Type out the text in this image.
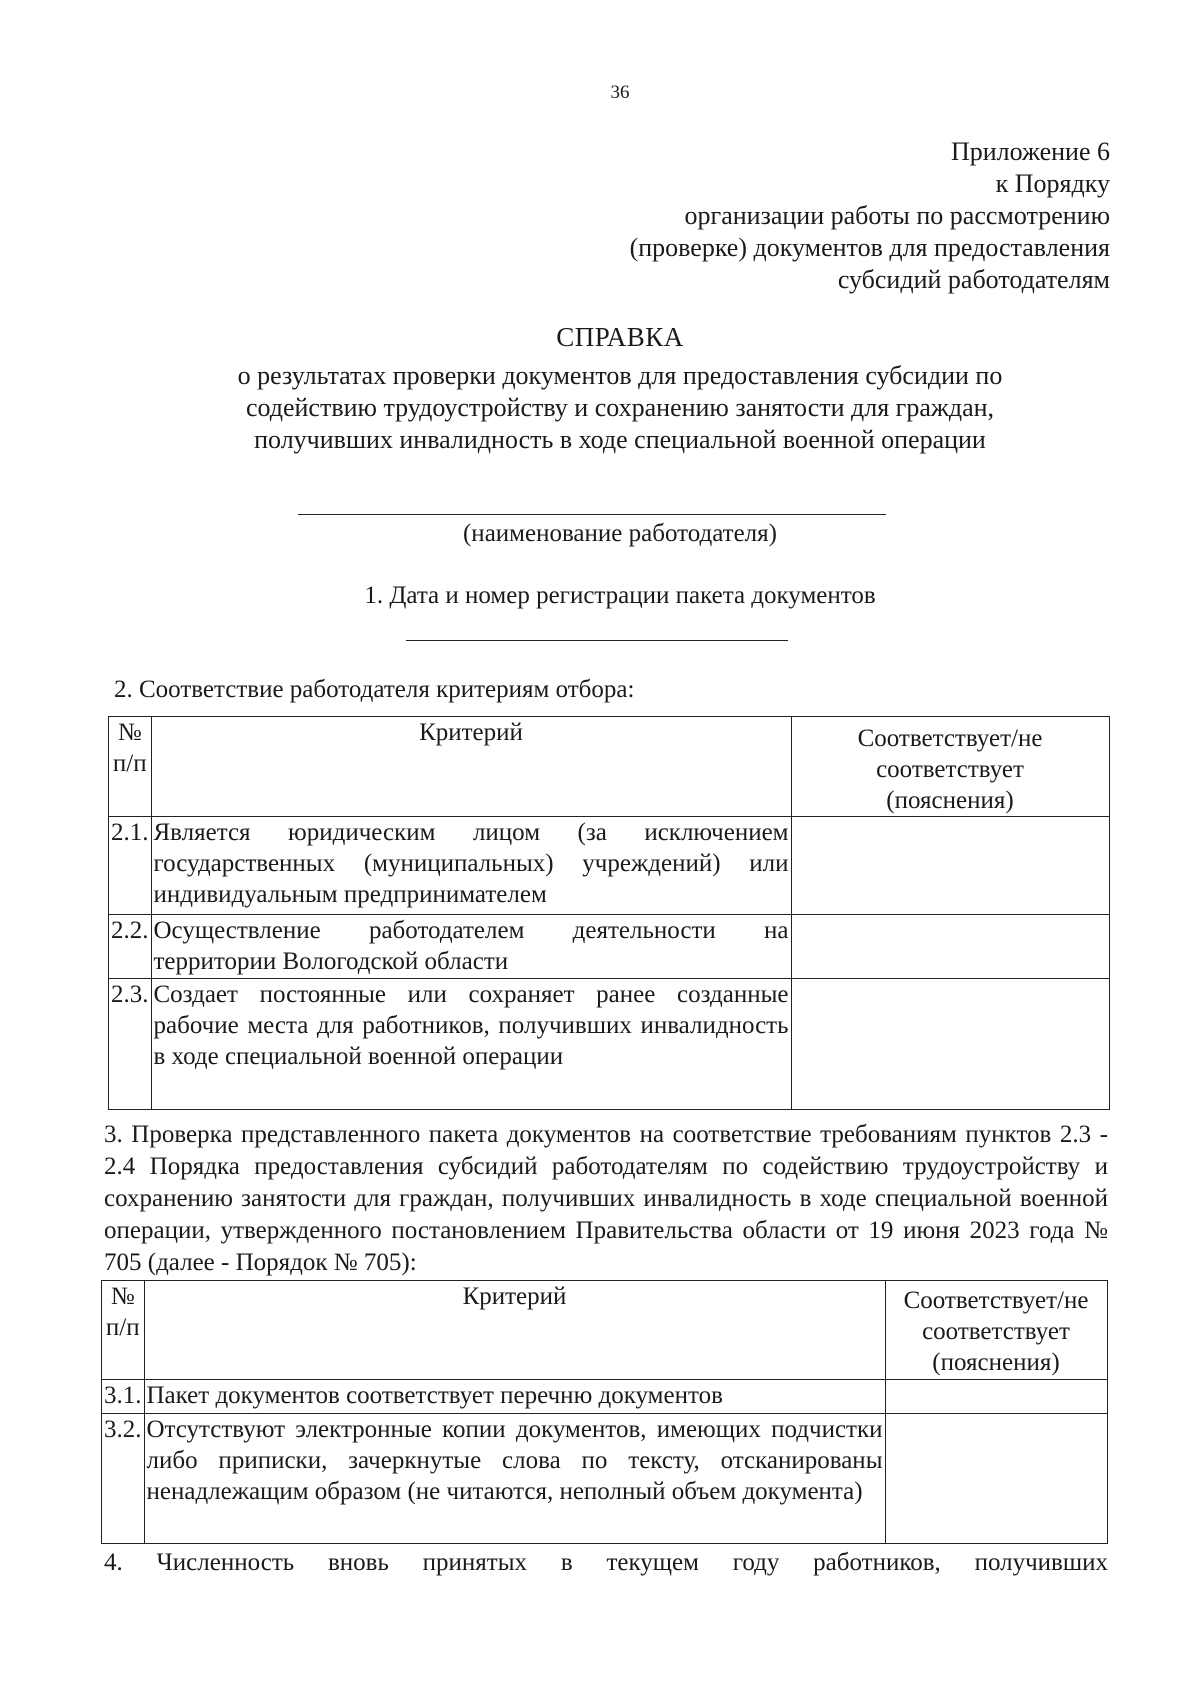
36
Приложение 6
к Порядку
организации работы по рассмотрению
(проверке) документов для предоставления
субсидий работодателям
СПРАВКА
о результатах проверки документов для предоставления субсидии по
содействию трудоустройству и сохранению занятости для граждан,
получивших инвалидность в ходе специальной военной операции
(наименование работодателя)
1. Дата и номер регистрации пакета документов
2. Соответствие работодателя критериям отбора:
№ п/п	Критерий	Соответствует/не соответствует (пояснения)
2.1.	Является юридическим лицом (за исключением государственных (муниципальных) учреждений) или индивидуальным предпринимателем	
2.2.	Осуществление работодателем деятельности на территории Вологодской области	
2.3.	Создает постоянные или сохраняет ранее созданные рабочие места для работников, получивших инвалидность в ходе специальной военной операции	
3. Проверка представленного пакета документов на соответствие требованиям пунктов 2.3 - 2.4 Порядка предоставления субсидий работодателям по содействию трудоустройству и сохранению занятости для граждан, получивших инвалидность в ходе специальной военной операции, утвержденного постановлением Правительства области от 19 июня 2023 года № 705 (далее - Порядок № 705):
№ п/п	Критерий	Соответствует/не соответствует (пояснения)
3.1.	Пакет документов соответствует перечню документов	
3.2.	Отсутствуют электронные копии документов, имеющих подчистки либо приписки, зачеркнутые слова по тексту, отсканированы ненадлежащим образом (не читаются, неполный объем документа)	
4. Численность вновь принятых в текущем году работников, получивших
